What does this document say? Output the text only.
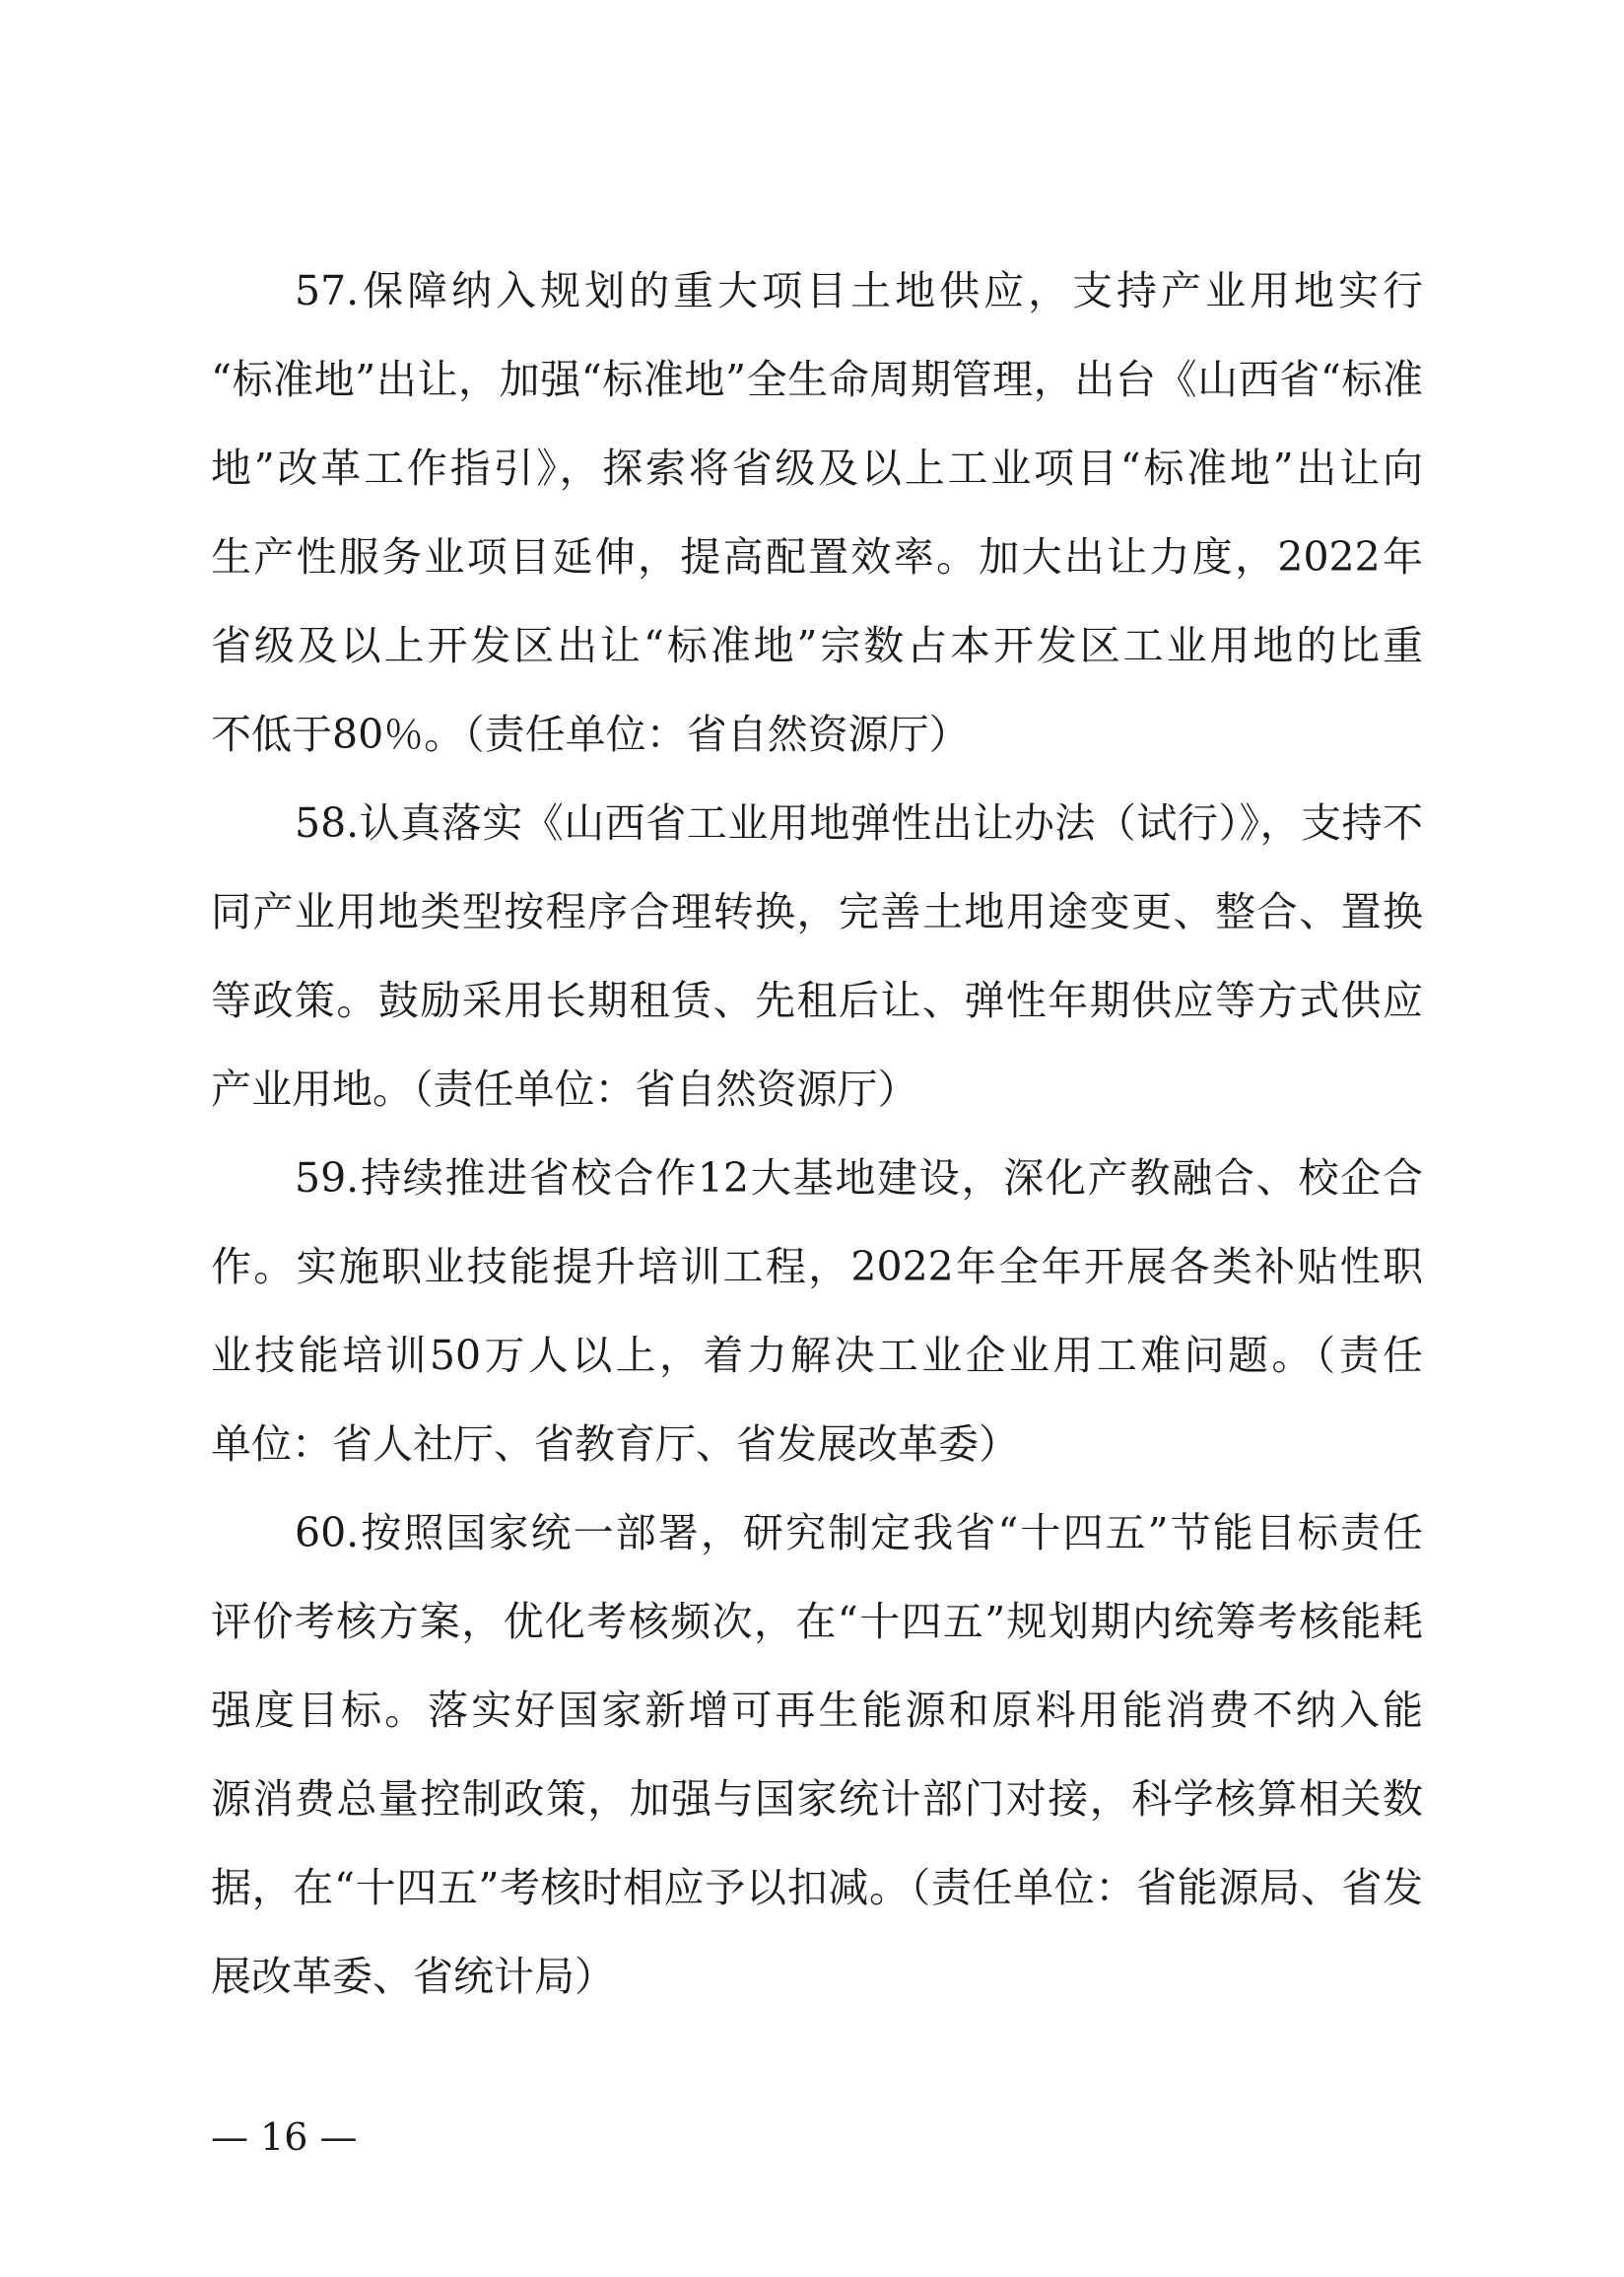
57.保障纳入规划的重大项目土地供应，支持产业用地实行
“标准地”出让，加强“标准地”全生命周期管理，出台《山西省“标准
地”改革工作指引》，探索将省级及以上工业项目“标准地”出让向
生产性服务业项目延伸，提高配置效率。加大出让力度，2022年
省级及以上开发区出让“标准地”宗数占本开发区工业用地的比重
不低于80％。（责任单位：省自然资源厅）
58.认真落实《山西省工业用地弹性出让办法（试行）》，支持不
同产业用地类型按程序合理转换，完善土地用途变更、整合、置换
等政策。鼓励采用长期租赁、先租后让、弹性年期供应等方式供应
产业用地。（责任单位：省自然资源厅）
59.持续推进省校合作12大基地建设，深化产教融合、校企合
作。实施职业技能提升培训工程，2022年全年开展各类补贴性职
业技能培训50万人以上，着力解决工业企业用工难问题。（责任
单位：省人社厅、省教育厅、省发展改革委）
60.按照国家统一部署，研究制定我省“十四五”节能目标责任
评价考核方案，优化考核频次，在“十四五”规划期内统筹考核能耗
强度目标。落实好国家新增可再生能源和原料用能消费不纳入能
源消费总量控制政策，加强与国家统计部门对接，科学核算相关数
据，在“十四五”考核时相应予以扣减。（责任单位：省能源局、省发
展改革委、省统计局）
— 16 —
